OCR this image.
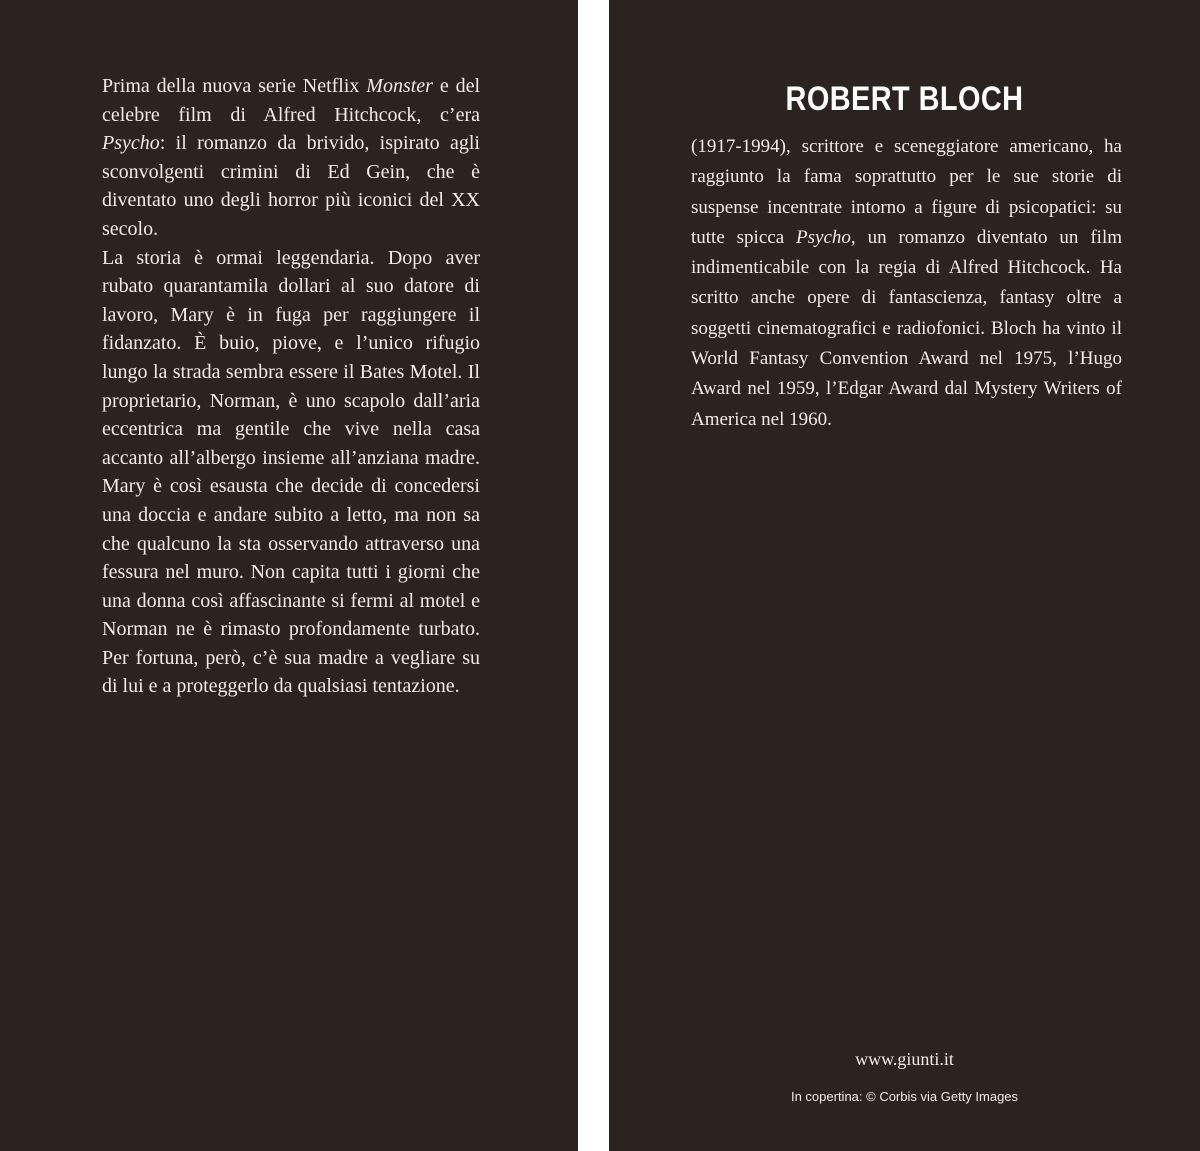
Prima della nuova serie Netflix Monster e del celebre film di Alfred Hitchcock, c’era Psycho: il romanzo da brivido, ispirato agli sconvolgenti crimini di Ed Gein, che è diventato uno degli horror più iconici del XX secolo.

La storia è ormai leggendaria. Dopo aver rubato quarantamila dollari al suo datore di lavoro, Mary è in fuga per raggiungere il fidanzato. È buio, piove, e l’unico rifugio lungo la strada sembra essere il Bates Motel. Il proprietario, Norman, è uno scapolo dall’aria eccentrica ma gentile che vive nella casa accanto all’albergo insieme all’anziana madre. Mary è così esausta che decide di concedersi una doccia e andare subito a letto, ma non sa che qualcuno la sta osservando attraverso una fessura nel muro. Non capita tutti i giorni che una donna così affascinante si fermi al motel e Norman ne è rimasto profondamente turbato. Per fortuna, però, c’è sua madre a vegliare su di lui e a proteggerlo da qualsiasi tentazione.

ROBERT BLOCH

(1917-1994), scrittore e sceneggiatore americano, ha raggiunto la fama soprattutto per le sue storie di suspense incentrate intorno a figure di psicopatici: su tutte spicca Psycho, un romanzo diventato un film indimenticabile con la regia di Alfred Hitchcock. Ha scritto anche opere di fantascienza, fantasy oltre a soggetti cinematografici e radiofonici. Bloch ha vinto il World Fantasy Convention Award nel 1975, l’Hugo Award nel 1959, l’Edgar Award dal Mystery Writers of America nel 1960.

www.giunti.it

In copertina: © Corbis via Getty Images
